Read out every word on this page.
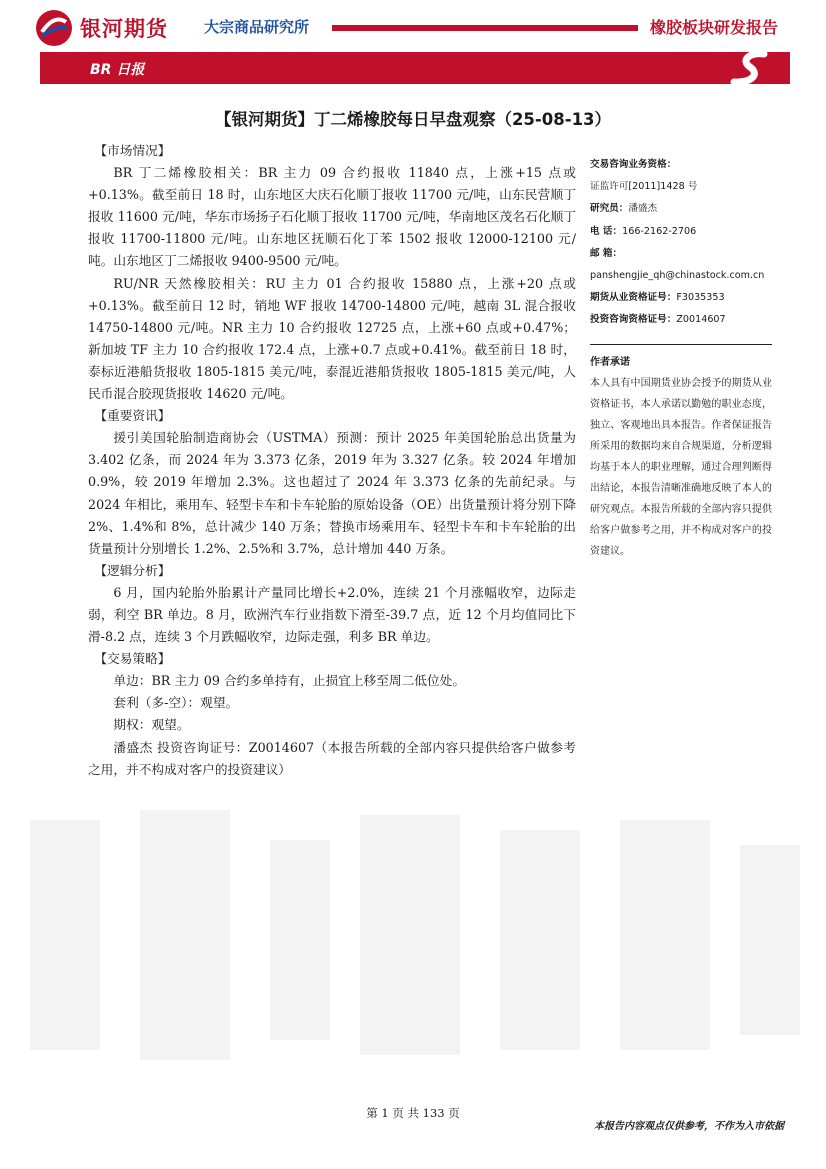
银河期货 大宗商品研究所	橡胶板块研发报告
BR 日报
【银河期货】丁二烯橡胶每日早盘观察（25-08-13）

【市场情况】

BR 丁二烯橡胶相关：BR 主力 09 合约报收 11840 点，上涨+15 点或+0.13%。截至前日 18 时，山东地区大庆石化顺丁报收 11700 元/吨，山东民营顺丁报收 11600 元/吨，华东市场扬子石化顺丁报收 11700 元/吨，华南地区茂名石化顺丁报收 11700-11800 元/吨。山东地区抚顺石化丁苯 1502 报收 12000-12100 元/吨。山东地区丁二烯报收 9400-9500 元/吨。

RU/NR 天然橡胶相关：RU 主力 01 合约报收 15880 点，上涨+20 点或+0.13%。截至前日 12 时，销地 WF 报收 14700-14800 元/吨，越南 3L 混合报收 14750-14800 元/吨。NR 主力 10 合约报收 12725 点，上涨+60 点或+0.47%；新加坡 TF 主力 10 合约报收 172.4 点，上涨+0.7 点或+0.41%。截至前日 18 时，泰标近港船货报收 1805-1815 美元/吨，泰混近港船货报收 1805-1815 美元/吨，人民币混合胶现货报收 14620 元/吨。

【重要资讯】

援引美国轮胎制造商协会（USTMA）预测：预计 2025 年美国轮胎总出货量为 3.402 亿条，而 2024 年为 3.373 亿条，2019 年为 3.327 亿条。较 2024 年增加 0.9%，较 2019 年增加 2.3%。这也超过了 2024 年 3.373 亿条的先前纪录。与 2024 年相比，乘用车、轻型卡车和卡车轮胎的原始设备（OE）出货量预计将分别下降 2%、1.4%和 8%，总计减少 140 万条；替换市场乘用车、轻型卡车和卡车轮胎的出货量预计分别增长 1.2%、2.5%和 3.7%，总计增加 440 万条。

【逻辑分析】

6 月，国内轮胎外胎累计产量同比增长+2.0%，连续 21 个月涨幅收窄，边际走弱，利空 BR 单边。8 月，欧洲汽车行业指数下滑至-39.7 点，近 12 个月均值同比下滑-8.2 点，连续 3 个月跌幅收窄，边际走强，利多 BR 单边。

【交易策略】

单边：BR 主力 09 合约多单持有，止损宜上移至周二低位处。

套利（多-空）：观望。

期权：观望。

潘盛杰 投资咨询证号：Z0014607（本报告所载的全部内容只提供给客户做参考之用，并不构成对客户的投资建议）

交易咨询业务资格：
证监许可[2011]1428 号
研究员：潘盛杰
电 话：166-2162-2706
邮 箱：
panshengjie_qh@chinastock.com.cn
期货从业资格证号：F3035353
投资咨询资格证号：Z0014607
作者承诺
本人具有中国期货业协会授予的期货从业资格证书，本人承诺以勤勉的职业态度，独立、客观地出具本报告。作者保证报告所采用的数据均来自合规渠道，分析逻辑均基于本人的职业理解，通过合理判断得出结论，本报告清晰准确地反映了本人的研究观点。本报告所载的全部内容只提供给客户做参考之用，并不构成对客户的投资建议。
第 1 页 共 133 页
本报告内容观点仅供参考，不作为入市依据
